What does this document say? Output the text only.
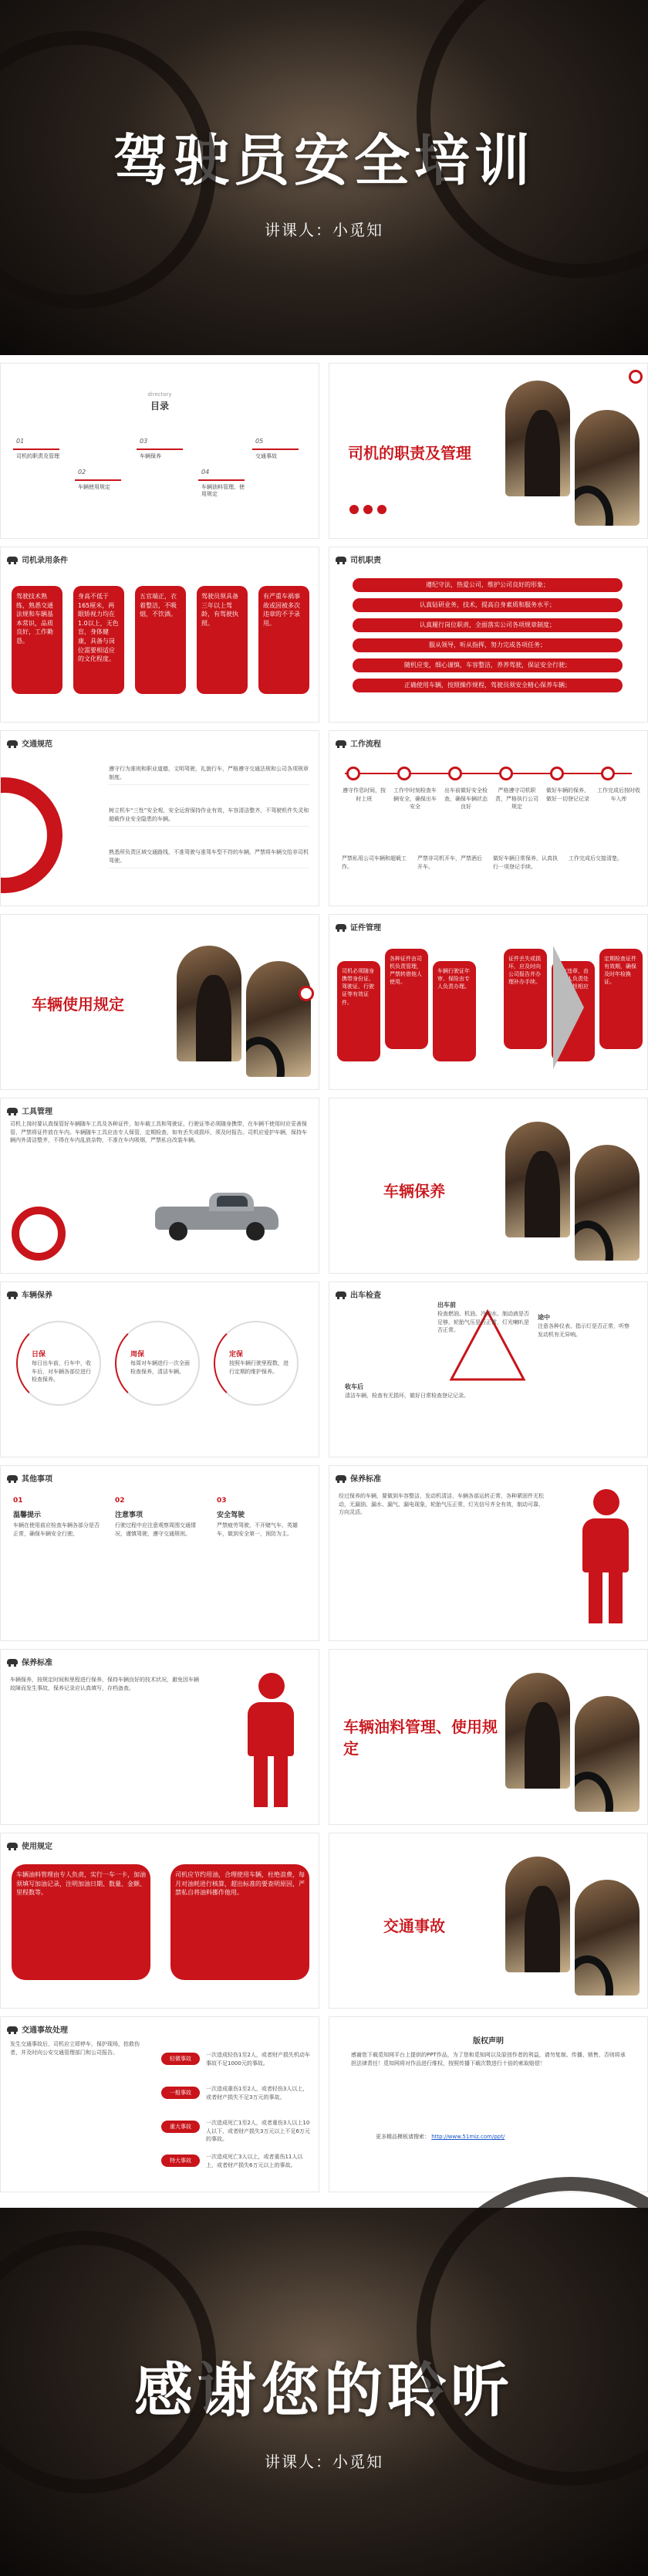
驾驶员安全培训
讲课人：小觅知
directory
目录
01
司机的职责及管理
02
车辆使用规定
03
车辆保养
04
车辆油料管理、使用规定
05
交通事故	司机的职责及管理
司机录用条件
驾驶技术熟练，熟悉交通法规和车辆基本常识，品质良好，工作勤恳。
身高不低于165厘米，两眼矫视力均在1.0以上，无色盲，身体健康，具备与岗位需要相适应的文化程度。
五官端正，衣着整洁，不吸烟，不饮酒。
驾驶员须具备三年以上驾龄，有驾驶执照。
有严重车祸事故或因被多次违章的不予录用。
司机职责
遵纪守法，热爱公司，维护公司良好的形象；
认真钻研业务，技术，提高自身素质和服务水平；
认真履行岗位职责，全面落实公司各项规章制度；
服从领导，听从指挥，努力完成各项任务；
随机应变，细心谨慎，车容整洁，养养驾驶，保证安全行驶；
正确使用车辆，按照操作规程，驾驶员须安全精心保养车辆；
交通规范
遵守行为准则和职业道德，文明驾驶，礼貌行车，严格遵守交通法规和公司各项规章制度。
树立机车“三性”安全观，安全运营保持作业有效，车容清洁整齐，不驾驶机件失灵和超载作业安全隐患的车辆。
熟悉所负责区域交通路线，不准驾驶与准驾车型不符的车辆，严禁将车辆交给非司机驾驶。
工作流程
遵守作息时间，按时上班
工作中时刻检查车辆安全，确保出车安全
出车前做好安全检查，确保车辆状态良好
严格遵守司机职责，严格执行公司规定
做好车辆的保养，做好一切登记记录
工作完成后按时收车入库
严禁私用公司车辆和超载工作。
严禁非司机开车，严禁酒后开车。
做好车辆日常保养，认真执行一项登记手续。
工作完成后交接清楚。
车辆使用规定
证件管理
司机必须随身携带身份证、驾驶证、行驶证等有效证件。
各种证件由司机负责管理，严禁转借他人使用。
车辆行驶证年审、保险由专人负责办理。
证件丢失或损坏，应及时向公司报告并办理补办手续。
如有违章，由当事人负责处理并承担相应责任。
定期检查证件有效期，确保及时年检换证。
工具管理
司机上岗时要认真保管好车辆随车工具及各种证件，如车载工具和驾驶证、行驶证等必须随身携带，在车辆不使用时应妥善保管，严禁将证件放在车内。车辆随车工具应由专人保管，定期检查，如有丢失或损坏，须及时报告。司机应爱护车辆，保持车辆内外清洁整齐，不得在车内乱放杂物，不准在车内吸烟，严禁私自改装车辆。
车辆保养
车辆保养
日保
每日出车前，行车中，收车后，对车辆各部位进行检查保养。
周保
每周对车辆进行一次全面检查保养，清洁车辆。
定保
按照车辆行驶里程数，进行定期的维护保养。
出车检查
出车前
检查燃油、机油、冷却水、制动液是否足够，轮胎气压是否正常，灯光喇叭是否正常。
途中
注意各种仪表、指示灯是否正常，听察发动机有无异响。
收车后
清洁车辆，检查有无损坏，做好日常检查登记记录。
其他事项
01
温馨提示
车辆在使用前应检查车辆各部分是否正常，确保车辆安全行驶。
02
注意事项
行驶过程中应注意观察周围交通情况，谨慎驾驶，遵守交通规则。
03
安全驾驶
严禁疲劳驾驶，不开赌气车、英雄车，做到安全第一，预防为主。
保养标准
经过保养的车辆，要做到车容整洁，发动机清洁，车辆各部运转正常，各种紧固件无松动，无漏油、漏水、漏气、漏电现象，轮胎气压正常，灯光信号齐全有效，制动可靠，方向灵活。
保养标准
车辆保养，按规定时间和里程进行保养，保持车辆良好的技术状况，避免因车辆故障而发生事故，保养记录应认真填写，存档备查。
车辆油料管理、使用规定
使用规定
车辆油料管理由专人负责，实行一车一卡，加油须填写加油记录，注明加油日期、数量、金额、里程数等。
司机应节约用油，合理使用车辆，杜绝浪费，每月对油耗进行核算，超出标准的要查明原因，严禁私自将油料挪作他用。
交通事故
交通事故处理
发生交通事故后，司机应立即停车，保护现场，抢救伤者，并及时向公安交通管理部门和公司报告。
轻微事故
一次造成轻伤1至2人，或者财产损失机动车事故不足1000元的事故。
一般事故
一次造成重伤1至2人，或者轻伤3人以上，或者财产损失不足3万元的事故。
重大事故
一次造成死亡1至2人，或者重伤3人以上10人以下，或者财产损失3万元以上不足6万元的事故。
特大事故
一次造成死亡3人以上，或者重伤11人以上，或者财产损失6万元以上的事故。
版权声明
感谢您下载觅知网平台上提供的PPT作品，为了您和觅知网以及原创作者的利益，请勿复制、传播、销售，否则将承担法律责任！觅知网将对作品进行维权，按照传播下载次数进行十倍的索取赔偿！
更多精品模板请搜索： http://www.51miz.com/ppt/
感谢您的聆听
讲课人：小觅知
